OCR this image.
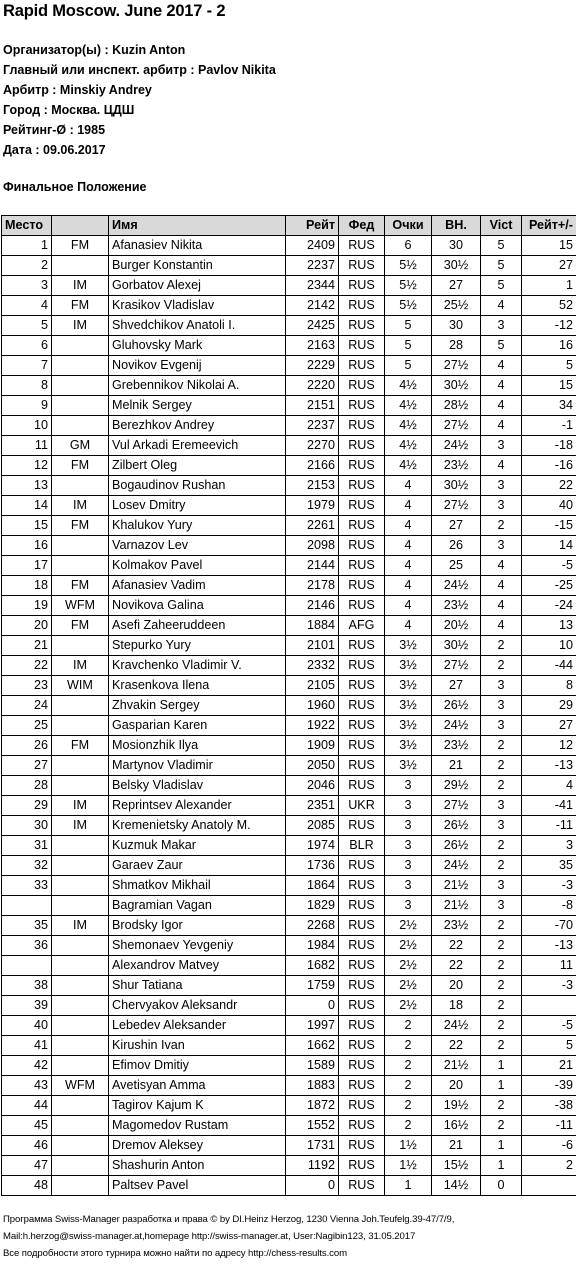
Rapid Moscow. June 2017 - 2
Организатор(ы) : Kuzin Anton
Главный или инспект. арбитр : Pavlov Nikita
Арбитр : Minskiy Andrey
Город : Москва. ЦДШ
Рейтинг-Ø : 1985
Дата : 09.06.2017
Финальное Положение
Место		Имя	Рейт	Фед	Очки	ВН.	Vict	Рейт+/-
1	FM	Afanasiev Nikita	2409	RUS	6	30	5	15
2		Burger Konstantin	2237	RUS	5½	30½	5	27
3	IM	Gorbatov Alexej	2344	RUS	5½	27	5	1
4	FM	Krasikov Vladislav	2142	RUS	5½	25½	4	52
5	IM	Shvedchikov Anatoli I.	2425	RUS	5	30	3	-12
6		Gluhovsky Mark	2163	RUS	5	28	5	16
7		Novikov Evgenij	2229	RUS	5	27½	4	5
8		Grebennikov Nikolai A.	2220	RUS	4½	30½	4	15
9		Melnik Sergey	2151	RUS	4½	28½	4	34
10		Berezhkov Andrey	2237	RUS	4½	27½	4	-1
11	GM	Vul Arkadi Eremeevich	2270	RUS	4½	24½	3	-18
12	FM	Zilbert Oleg	2166	RUS	4½	23½	4	-16
13		Bogaudinov Rushan	2153	RUS	4	30½	3	22
14	IM	Losev Dmitry	1979	RUS	4	27½	3	40
15	FM	Khalukov Yury	2261	RUS	4	27	2	-15
16		Varnazov Lev	2098	RUS	4	26	3	14
17		Kolmakov Pavel	2144	RUS	4	25	4	-5
18	FM	Afanasiev Vadim	2178	RUS	4	24½	4	-25
19	WFM	Novikova Galina	2146	RUS	4	23½	4	-24
20	FM	Asefi Zaheeruddeen	1884	AFG	4	20½	4	13
21		Stepurko Yury	2101	RUS	3½	30½	2	10
22	IM	Kravchenko Vladimir V.	2332	RUS	3½	27½	2	-44
23	WIM	Krasenkova Ilena	2105	RUS	3½	27	3	8
24		Zhvakin Sergey	1960	RUS	3½	26½	3	29
25		Gasparian Karen	1922	RUS	3½	24½	3	27
26	FM	Mosionzhik Ilya	1909	RUS	3½	23½	2	12
27		Martynov Vladimir	2050	RUS	3½	21	2	-13
28		Belsky Vladislav	2046	RUS	3	29½	2	4
29	IM	Reprintsev Alexander	2351	UKR	3	27½	3	-41
30	IM	Kremenietsky Anatoly M.	2085	RUS	3	26½	3	-11
31		Kuzmuk Makar	1974	BLR	3	26½	2	3
32		Garaev Zaur	1736	RUS	3	24½	2	35
33		Shmatkov Mikhail	1864	RUS	3	21½	3	-3
		Bagramian Vagan	1829	RUS	3	21½	3	-8
35	IM	Brodsky Igor	2268	RUS	2½	23½	2	-70
36		Shemonaev Yevgeniy	1984	RUS	2½	22	2	-13
		Alexandrov Matvey	1682	RUS	2½	22	2	11
38		Shur Tatiana	1759	RUS	2½	20	2	-3
39		Chervyakov Aleksandr	0	RUS	2½	18	2	
40		Lebedev Aleksander	1997	RUS	2	24½	2	-5
41		Kirushin Ivan	1662	RUS	2	22	2	5
42		Efimov Dmitiy	1589	RUS	2	21½	1	21
43	WFM	Avetisyan Amma	1883	RUS	2	20	1	-39
44		Tagirov Kajum K	1872	RUS	2	19½	2	-38
45		Magomedov Rustam	1552	RUS	2	16½	2	-11
46		Dremov Aleksey	1731	RUS	1½	21	1	-6
47		Shashurin Anton	1192	RUS	1½	15½	1	2
48		Paltsev Pavel	0	RUS	1	14½	0	
Программа Swiss-Manager разработка и права © by DI.Heinz Herzog, 1230 Vienna Joh.Teufelg.39-47/7/9,
Mail:h.herzog@swiss-manager.at,homepage http://swiss-manager.at, User:Nagibin123, 31.05.2017
Все подробности этого турнира можно найти по адресу http://chess-results.com
